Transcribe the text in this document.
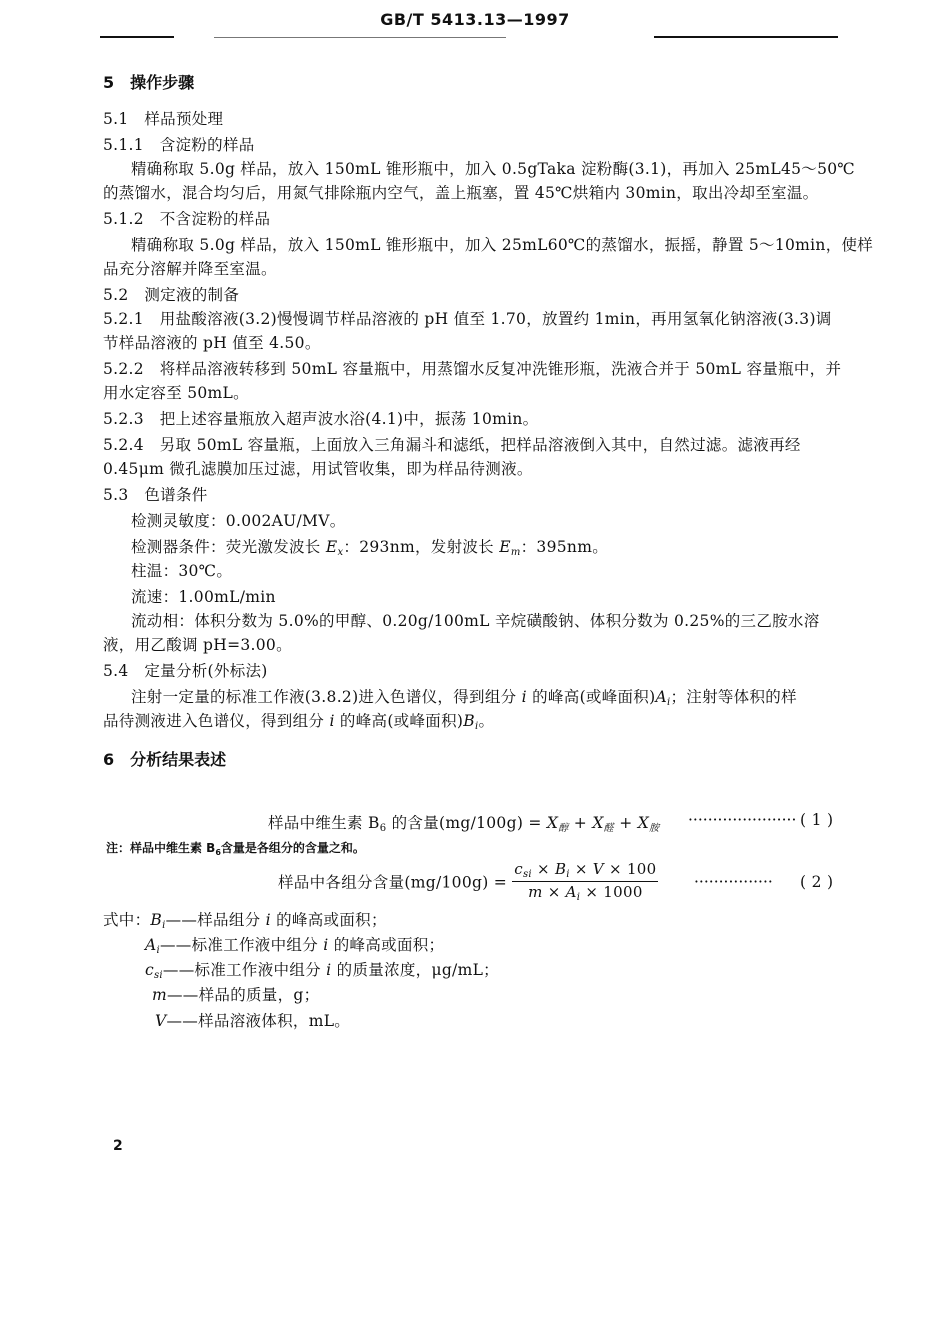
GB/T 5413.13—1997
5　操作步骤
5.1　样品预处理
5.1.1　含淀粉的样品
精确称取 5.0g 样品，放入 150mL 锥形瓶中，加入 0.5gTaka 淀粉酶(3.1)，再加入 25mL45～50℃
的蒸馏水，混合均匀后，用氮气排除瓶内空气，盖上瓶塞，置 45℃烘箱内 30min，取出冷却至室温。
5.1.2　不含淀粉的样品
精确称取 5.0g 样品，放入 150mL 锥形瓶中，加入 25mL60℃的蒸馏水，振摇，静置 5～10min，使样
品充分溶解并降至室温。
5.2　测定液的制备
5.2.1　用盐酸溶液(3.2)慢慢调节样品溶液的 pH 值至 1.70，放置约 1min，再用氢氧化钠溶液(3.3)调
节样品溶液的 pH 值至 4.50。
5.2.2　将样品溶液转移到 50mL 容量瓶中，用蒸馏水反复冲洗锥形瓶，洗液合并于 50mL 容量瓶中，并
用水定容至 50mL。
5.2.3　把上述容量瓶放入超声波水浴(4.1)中，振荡 10min。
5.2.4　另取 50mL 容量瓶，上面放入三角漏斗和滤纸，把样品溶液倒入其中，自然过滤。滤液再经
0.45μm 微孔滤膜加压过滤，用试管收集，即为样品待测液。
5.3　色谱条件
检测灵敏度：0.002AU/MV。
检测器条件：荧光激发波长 $E_x$：293nm，发射波长 $E_m$：395nm。
柱温：30℃。
流速：1.00mL/min
流动相：体积分数为 5.0%的甲醇、0.20g/100mL 辛烷磺酸钠、体积分数为 0.25%的三乙胺水溶
液，用乙酸调 pH=3.00。
5.4　定量分析(外标法)
注射一定量的标准工作液(3.8.2)进入色谱仪，得到组分 i 的峰高(或峰面积)$A_i$；注射等体积的样
品待测液进入色谱仪，得到组分 i 的峰高(或峰面积)$B_i$。
6　分析结果表述
样品中维生素 $B_6$ 的含量$(mg/100g) = X_醇 + X_醛 + X_胺$ ······················ ( 1 )
注：样品中维生素 $B_6$含量是各组分的含量之和。
样品中各组分含量$(mg/100g) = \frac{c_{si} \times B_i \times V \times 100}{m \times A_i \times 1000}$ ················ ( 2 )
式中：$B_i——$样品组分 i 的峰高或面积；
$A_i——$标准工作液中组分 i 的峰高或面积；
$c_{si}——$标准工作液中组分 i 的质量浓度，μg/mL；
m——样品的质量，g；
V——样品溶液体积，mL。
2
